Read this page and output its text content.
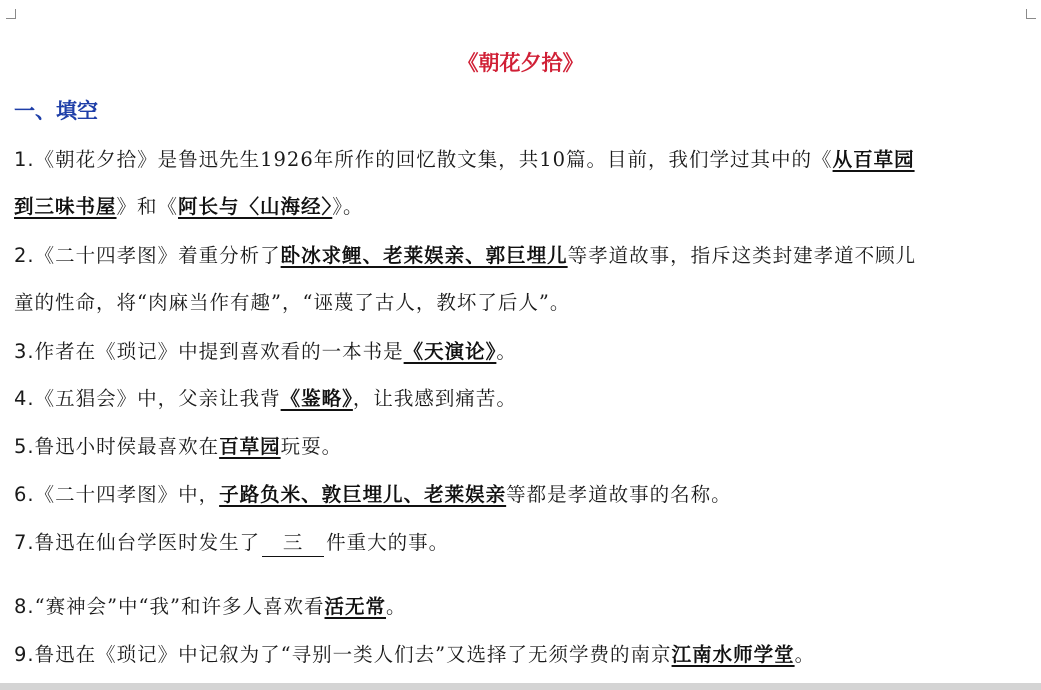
《朝花夕拾》
一、填空
1.《朝花夕拾》是鲁迅先生1926年所作的回忆散文集，共10篇。目前，我们学过其中的《从百草园
到三味书屋》和《阿长与〈山海经〉》。
2.《二十四孝图》着重分析了卧冰求鲤、老莱娱亲、郭巨埋儿等孝道故事，指斥这类封建孝道不顾儿
童的性命，将“肉麻当作有趣”，“诬蔑了古人，教坏了后人”。
3.作者在《琐记》中提到喜欢看的一本书是《天演论》。
4.《五猖会》中，父亲让我背《鉴略》，让我感到痛苦。
5.鲁迅小时侯最喜欢在百草园玩耍。
6.《二十四孝图》中，子路负米、敦巨埋儿、老莱娱亲等都是孝道故事的名称。
7.鲁迅在仙台学医时发生了 三 件重大的事。
8.“赛神会”中“我”和许多人喜欢看活无常。
9.鲁迅在《琐记》中记叙为了“寻别一类人们去”又选择了无须学费的南京江南水师学堂。
